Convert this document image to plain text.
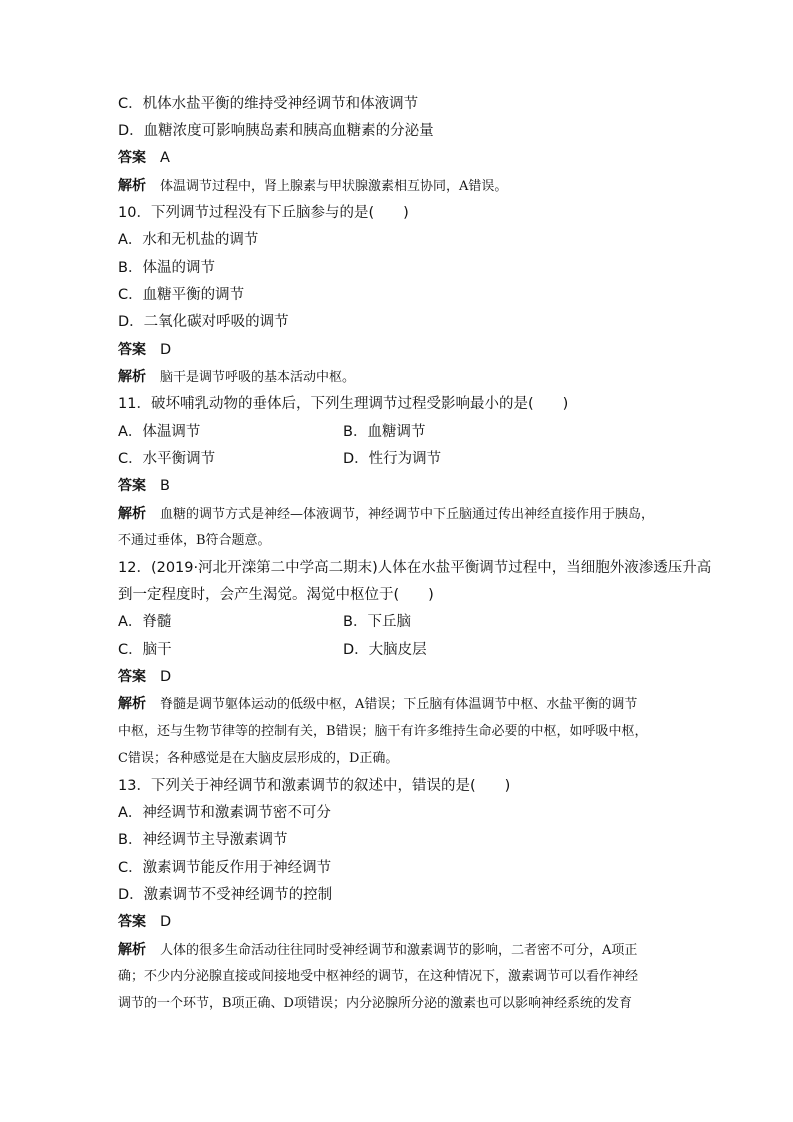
C．机体水盐平衡的维持受神经调节和体液调节
D．血糖浓度可影响胰岛素和胰高血糖素的分泌量
答案 A
解析 体温调节过程中，肾上腺素与甲状腺激素相互协同，A错误。
10．下列调节过程没有下丘脑参与的是(　　)
A．水和无机盐的调节
B．体温的调节
C．血糖平衡的调节
D．二氧化碳对呼吸的调节
答案 D
解析 脑干是调节呼吸的基本活动中枢。
11．破坏哺乳动物的垂体后，下列生理调节过程受影响最小的是(　　)
A．体温调节	B．血糖调节
C．水平衡调节	D．性行为调节
答案 B
解析 血糖的调节方式是神经—体液调节，神经调节中下丘脑通过传出神经直接作用于胰岛，
不通过垂体，B符合题意。
12．(2019·河北开滦第二中学高二期末)人体在水盐平衡调节过程中，当细胞外液渗透压升高
到一定程度时，会产生渴觉。渴觉中枢位于(　　)
A．脊髓	B．下丘脑
C．脑干	D．大脑皮层
答案 D
解析 脊髓是调节躯体运动的低级中枢，A错误；下丘脑有体温调节中枢、水盐平衡的调节
中枢，还与生物节律等的控制有关，B错误；脑干有许多维持生命必要的中枢，如呼吸中枢，
C错误；各种感觉是在大脑皮层形成的，D正确。
13．下列关于神经调节和激素调节的叙述中，错误的是(　　)
A．神经调节和激素调节密不可分
B．神经调节主导激素调节
C．激素调节能反作用于神经调节
D．激素调节不受神经调节的控制
答案 D
解析 人体的很多生命活动往往同时受神经调节和激素调节的影响，二者密不可分，A项正
确；不少内分泌腺直接或间接地受中枢神经的调节，在这种情况下，激素调节可以看作神经
调节的一个环节，B项正确、D项错误；内分泌腺所分泌的激素也可以影响神经系统的发育
